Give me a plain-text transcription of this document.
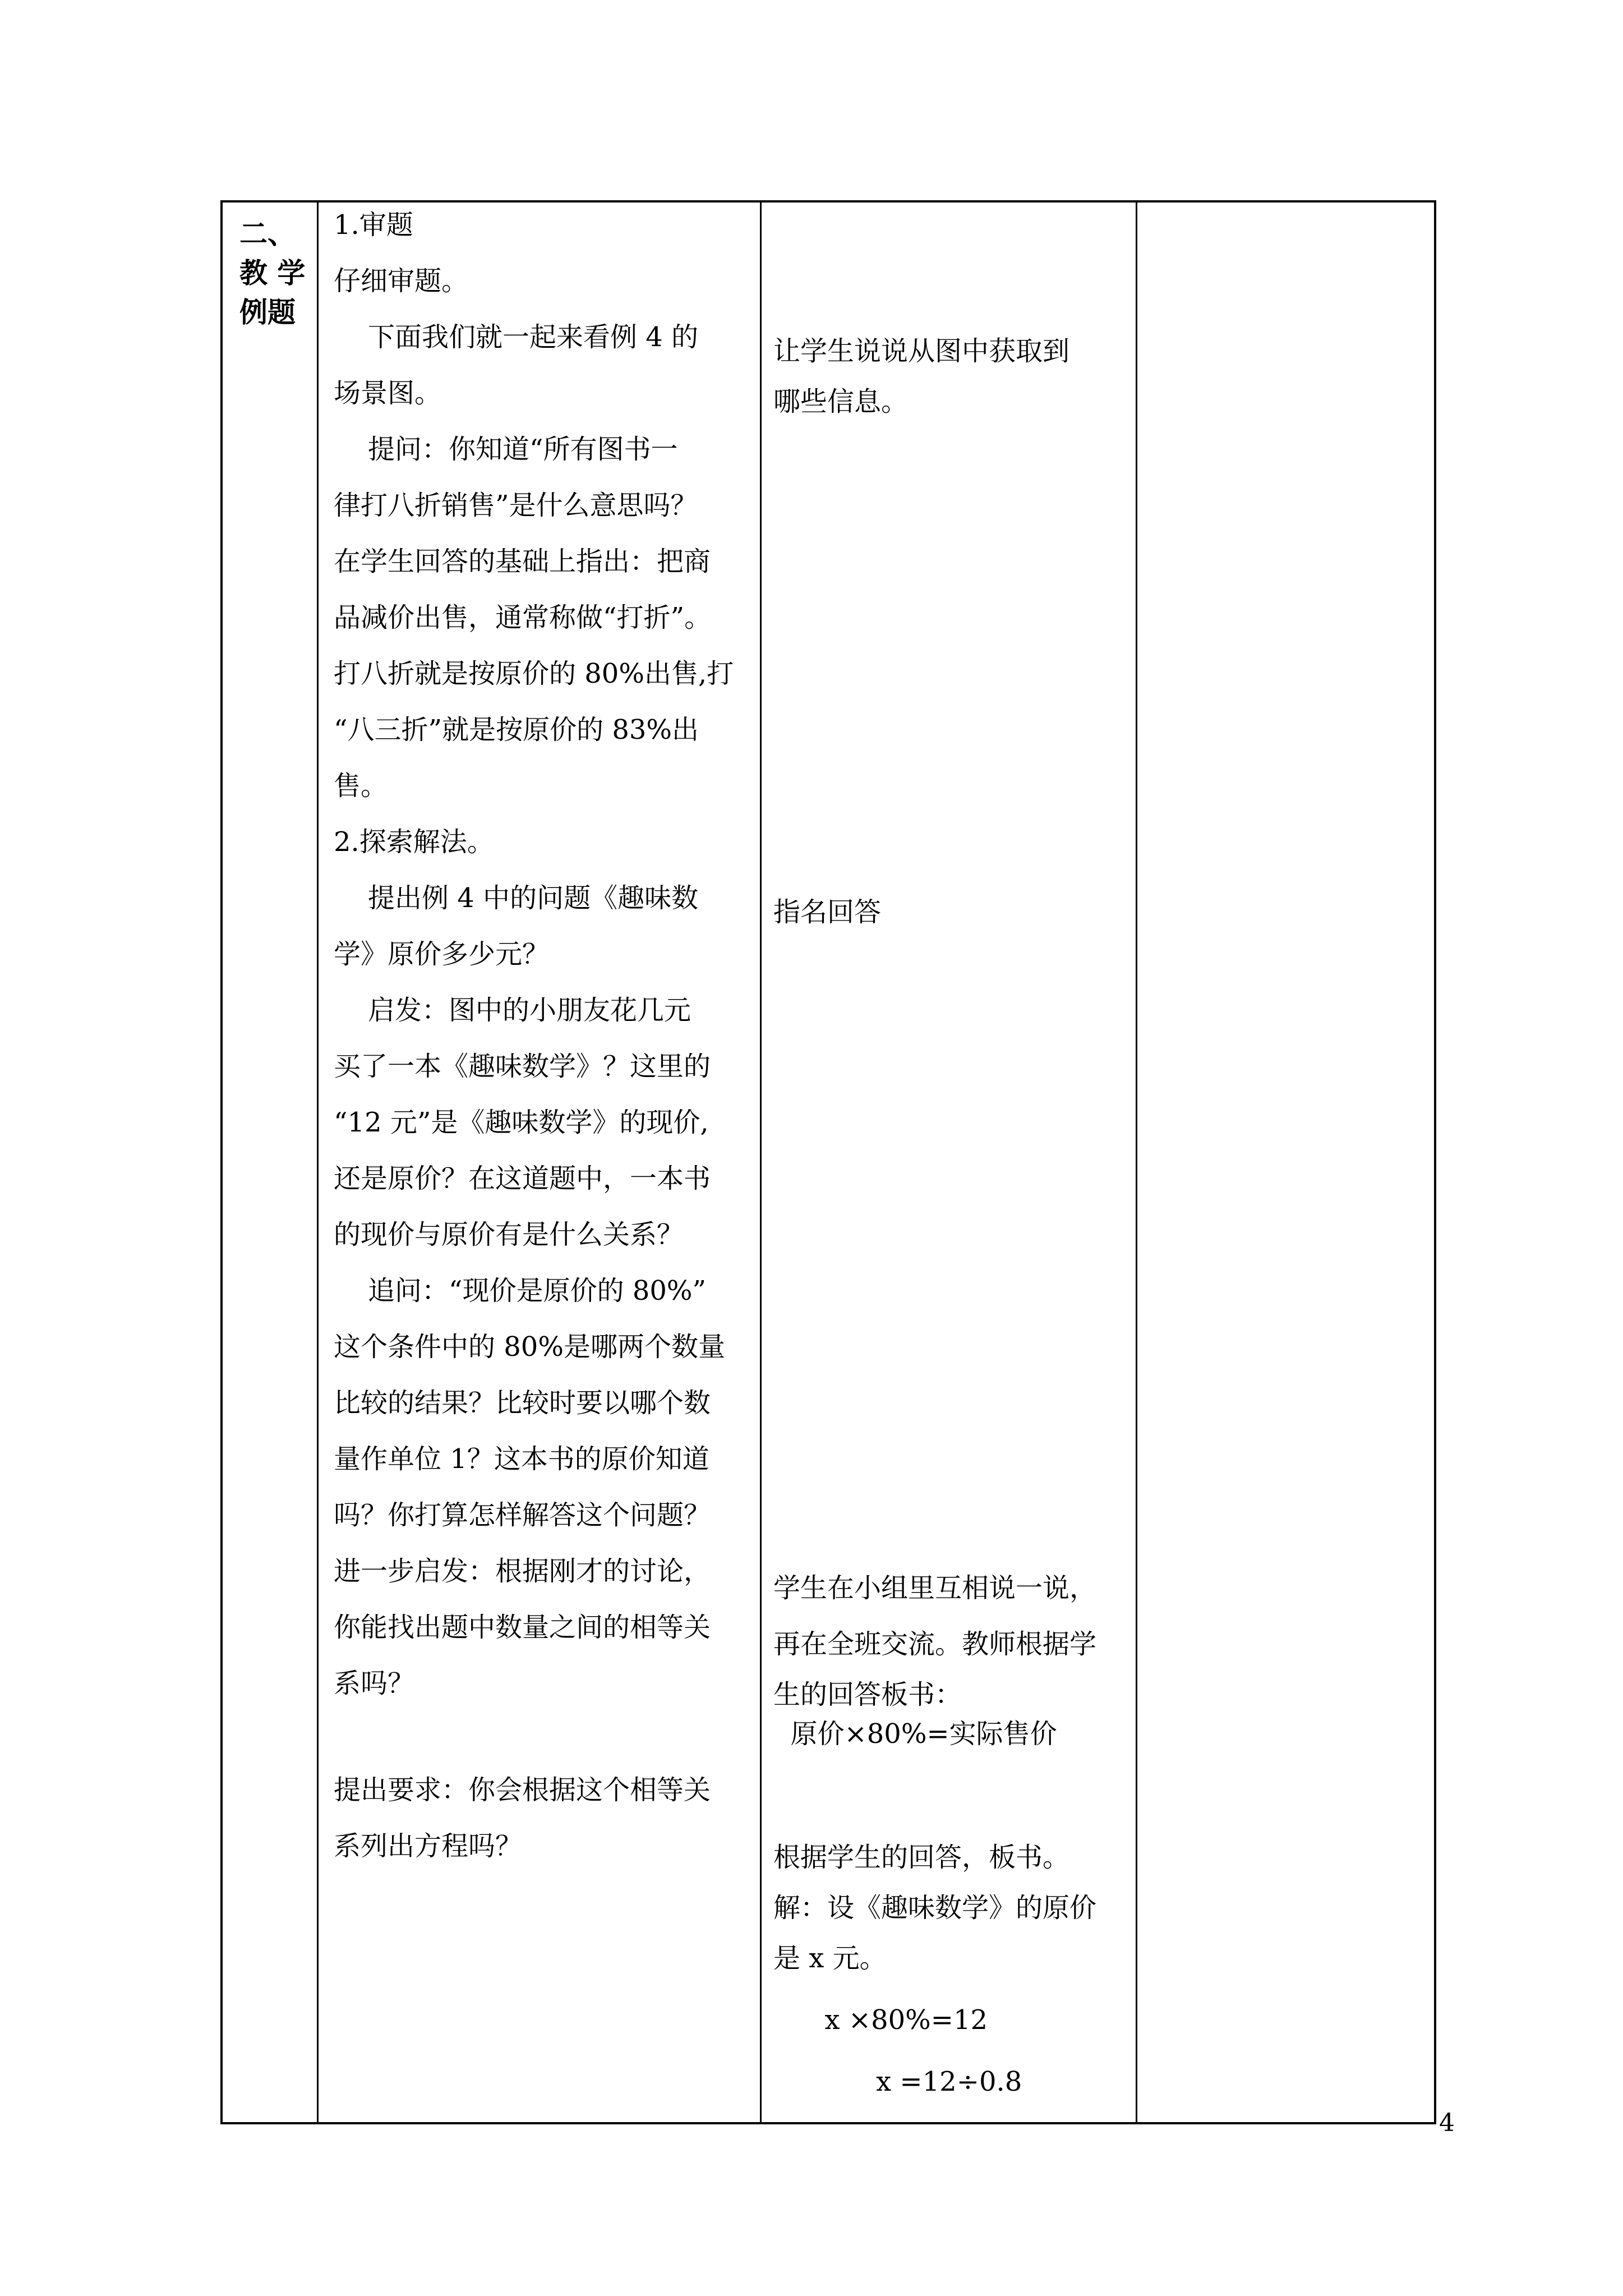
二、

教 学

例题

1.审题

仔细审题。

下面我们就一起来看例 4 的

场景图。

提问：你知道“所有图书一

律打八折销售”是什么意思吗？

在学生回答的基础上指出：把商

品减价出售，通常称做“打折”。

打八折就是按原价的 80%出售,打

“八三折”就是按原价的 83%出

售。

2.探索解法。

提出例 4 中的问题《趣味数

学》原价多少元？

启发：图中的小朋友花几元

买了一本《趣味数学》？这里的

“12 元”是《趣味数学》的现价,

还是原价？在这道题中，一本书

的现价与原价有是什么关系？

追问：“现价是原价的 80%”

这个条件中的 80%是哪两个数量

比较的结果？比较时要以哪个数

量作单位 1？这本书的原价知道

吗？你打算怎样解答这个问题？

进一步启发：根据刚才的讨论，

你能找出题中数量之间的相等关

系吗？

提出要求：你会根据这个相等关

系列出方程吗？

让学生说说从图中获取到

哪些信息。

指名回答

学生在小组里互相说一说，

再在全班交流。教师根据学

生的回答板书：

原价×80%=实际售价

根据学生的回答，板书。

解：设《趣味数学》的原价

是 x 元。

x ×80%=12

x =12÷0.8

4
